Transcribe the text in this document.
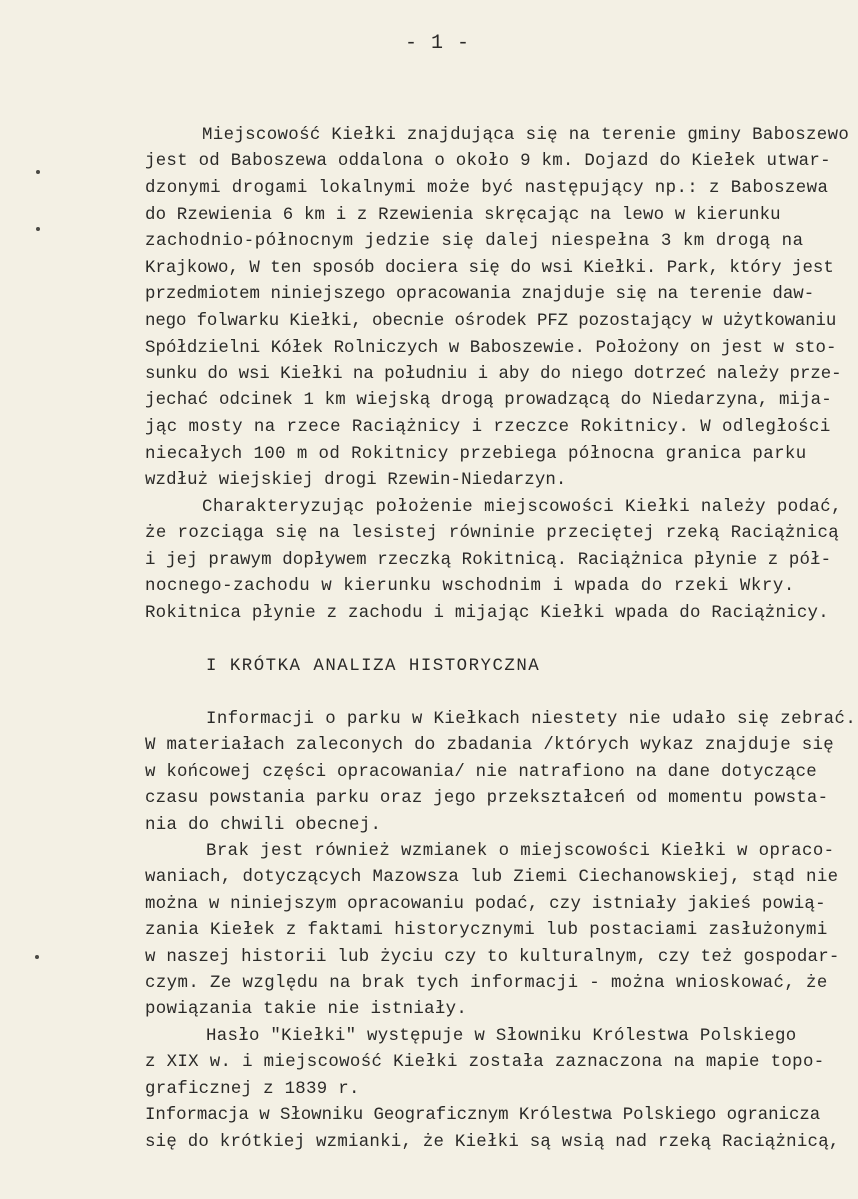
- 1 -
Miejscowość Kiełki znajdująca się na terenie gminy Baboszewo
jest od Baboszewa oddalona o około 9 km. Dojazd do Kiełek utwar-
dzonymi drogami lokalnymi może być następujący np.: z Baboszewa
do Rzewienia 6 km i z Rzewienia skręcając na lewo w kierunku
zachodnio-północnym jedzie się dalej niespełna 3 km drogą na
Krajkowo, W ten sposób dociera się do wsi Kiełki. Park, który jest
przedmiotem niniejszego opracowania znajduje się na terenie daw-
nego folwarku Kiełki, obecnie ośrodek PFZ pozostający w użytkowaniu
Spółdzielni Kółek Rolniczych w Baboszewie. Położony on jest w sto-
sunku do wsi Kiełki na południu i aby do niego dotrzeć należy prze-
jechać odcinek 1 km wiejską drogą prowadzącą do Niedarzyna, mija-
jąc mosty na rzece Raciążnicy i rzeczce Rokitnicy. W odległości
niecałych 100 m od Rokitnicy przebiega północna granica parku
wzdłuż wiejskiej drogi Rzewin-Niedarzyn.
Charakteryzując położenie miejscowości Kiełki należy podać,
że rozciąga się na lesistej równinie przeciętej rzeką Raciążnicą
i jej prawym dopływem rzeczką Rokitnicą. Raciążnica płynie z pół-
nocnego-zachodu w kierunku wschodnim i wpada do rzeki Wkry.
Rokitnica płynie z zachodu i mijając Kiełki wpada do Raciążnicy.
I KRÓTKA ANALIZA HISTORYCZNA
Informacji o parku w Kiełkach niestety nie udało się zebrać.
W materiałach zaleconych do zbadania /których wykaz znajduje się
w końcowej części opracowania/ nie natrafiono na dane dotyczące
czasu powstania parku oraz jego przekształceń od momentu powsta-
nia do chwili obecnej.
Brak jest również wzmianek o miejscowości Kiełki w opraco-
waniach, dotyczących Mazowsza lub Ziemi Ciechanowskiej, stąd nie
można w niniejszym opracowaniu podać, czy istniały jakieś powią-
zania Kiełek z faktami historycznymi lub postaciami zasłużonymi
w naszej historii lub życiu czy to kulturalnym, czy też gospodar-
czym. Ze względu na brak tych informacji - można wnioskować, że
powiązania takie nie istniały.
Hasło "Kiełki" występuje w Słowniku Królestwa Polskiego
z XIX w. i miejscowość Kiełki została zaznaczona na mapie topo-
graficznej z 1839 r.
Informacja w Słowniku Geograficznym Królestwa Polskiego ogranicza
się do krótkiej wzmianki, że Kiełki są wsią nad rzeką Raciążnicą,
